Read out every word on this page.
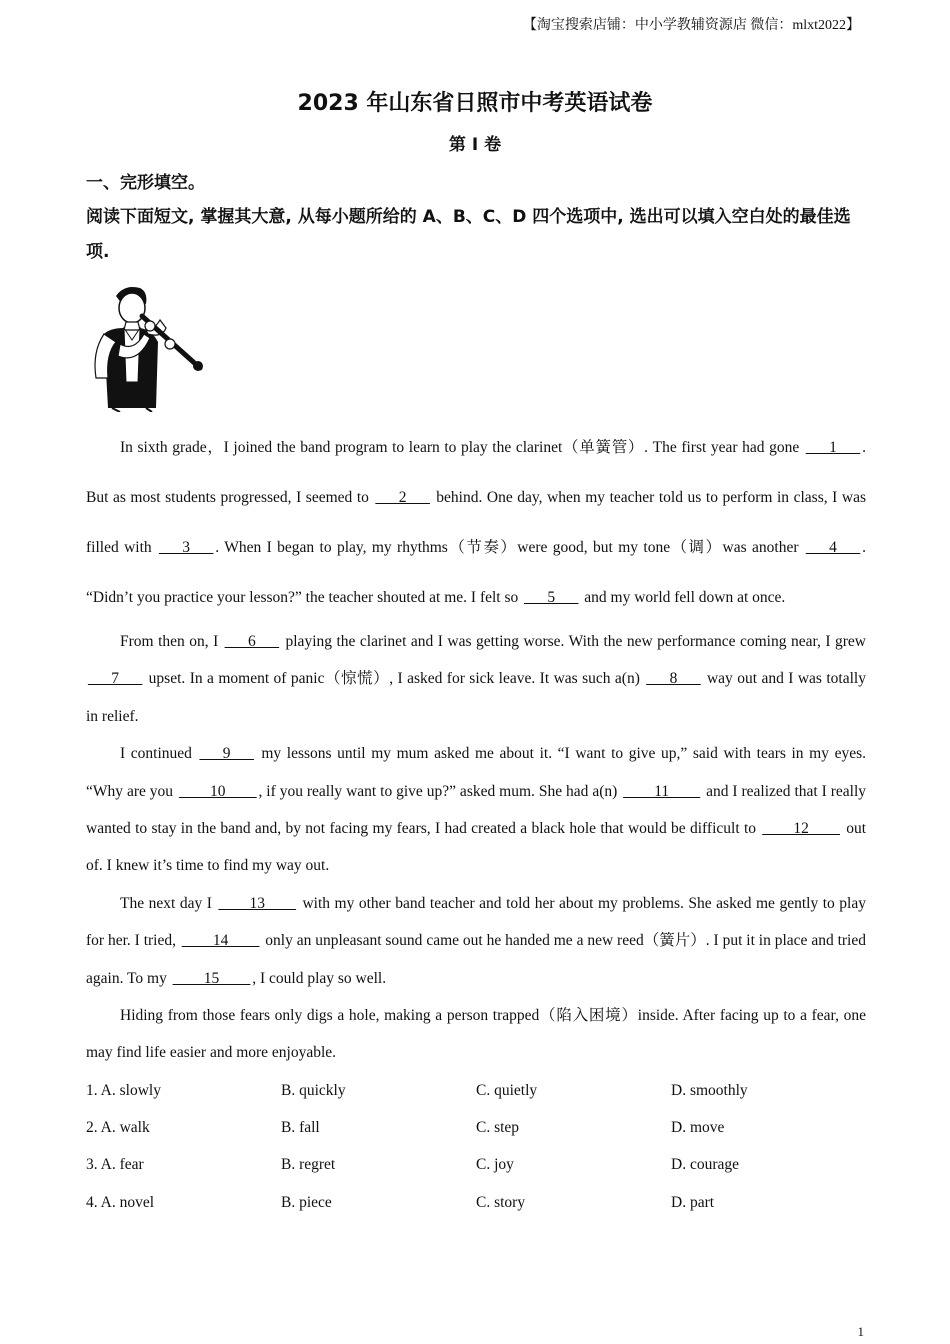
【淘宝搜索店铺：中小学教辅资源店 微信：mlxt2022】
2023 年山东省日照市中考英语试卷
第 I 卷
一、完形填空。
阅读下面短文, 掌握其大意, 从每小题所给的 A、B、C、D 四个选项中, 选出可以填入空白处的最佳选项.

In sixth grade，I joined the band program to learn to play the clarinet（单簧管）. The first year had gone ___1___ . But as most students progressed, I seemed to ___2___ behind. One day, when my teacher told us to perform in class, I was filled with ___3___ . When I began to play, my rhythms（节奏）were good, but my tone（调）was another ___4___ . “Didn’t you practice your lesson?” the teacher shouted at me. I felt so ___5___ and my world fell down at once.

From then on, I ___6___ playing the clarinet and I was getting worse. With the new performance coming near, I grew ___7___ upset. In a moment of panic（惊慌）, I asked for sick leave. It was such a(n) ___8___ way out and I was totally in relief.

I continued ___9___ my lessons until my mum asked me about it. “I want to give up,” said with tears in my eyes. “Why are you ____10____ , if you really want to give up?” asked mum. She had a(n) ____11____ and I realized that I really wanted to stay in the band and, by not facing my fears, I had created a black hole that would be difficult to ____12____ out of. I knew it’s time to find my way out.

The next day I ____13____ with my other band teacher and told her about my problems. She asked me gently to play for her. I tried, ____14____ only an unpleasant sound came out he handed me a new reed（簧片）. I put it in place and tried again. To my ____15____ , I could play so well.

Hiding from those fears only digs a hole, making a person trapped（陷入困境）inside. After facing up to a fear, one may find life easier and more enjoyable.

1. A. slowly	B. quickly	C. quietly	D. smoothly
2. A. walk	B. fall	C. step	D. move
3. A. fear	B. regret	C. joy	D. courage
4. A. novel	B. piece	C. story	D. part
1
